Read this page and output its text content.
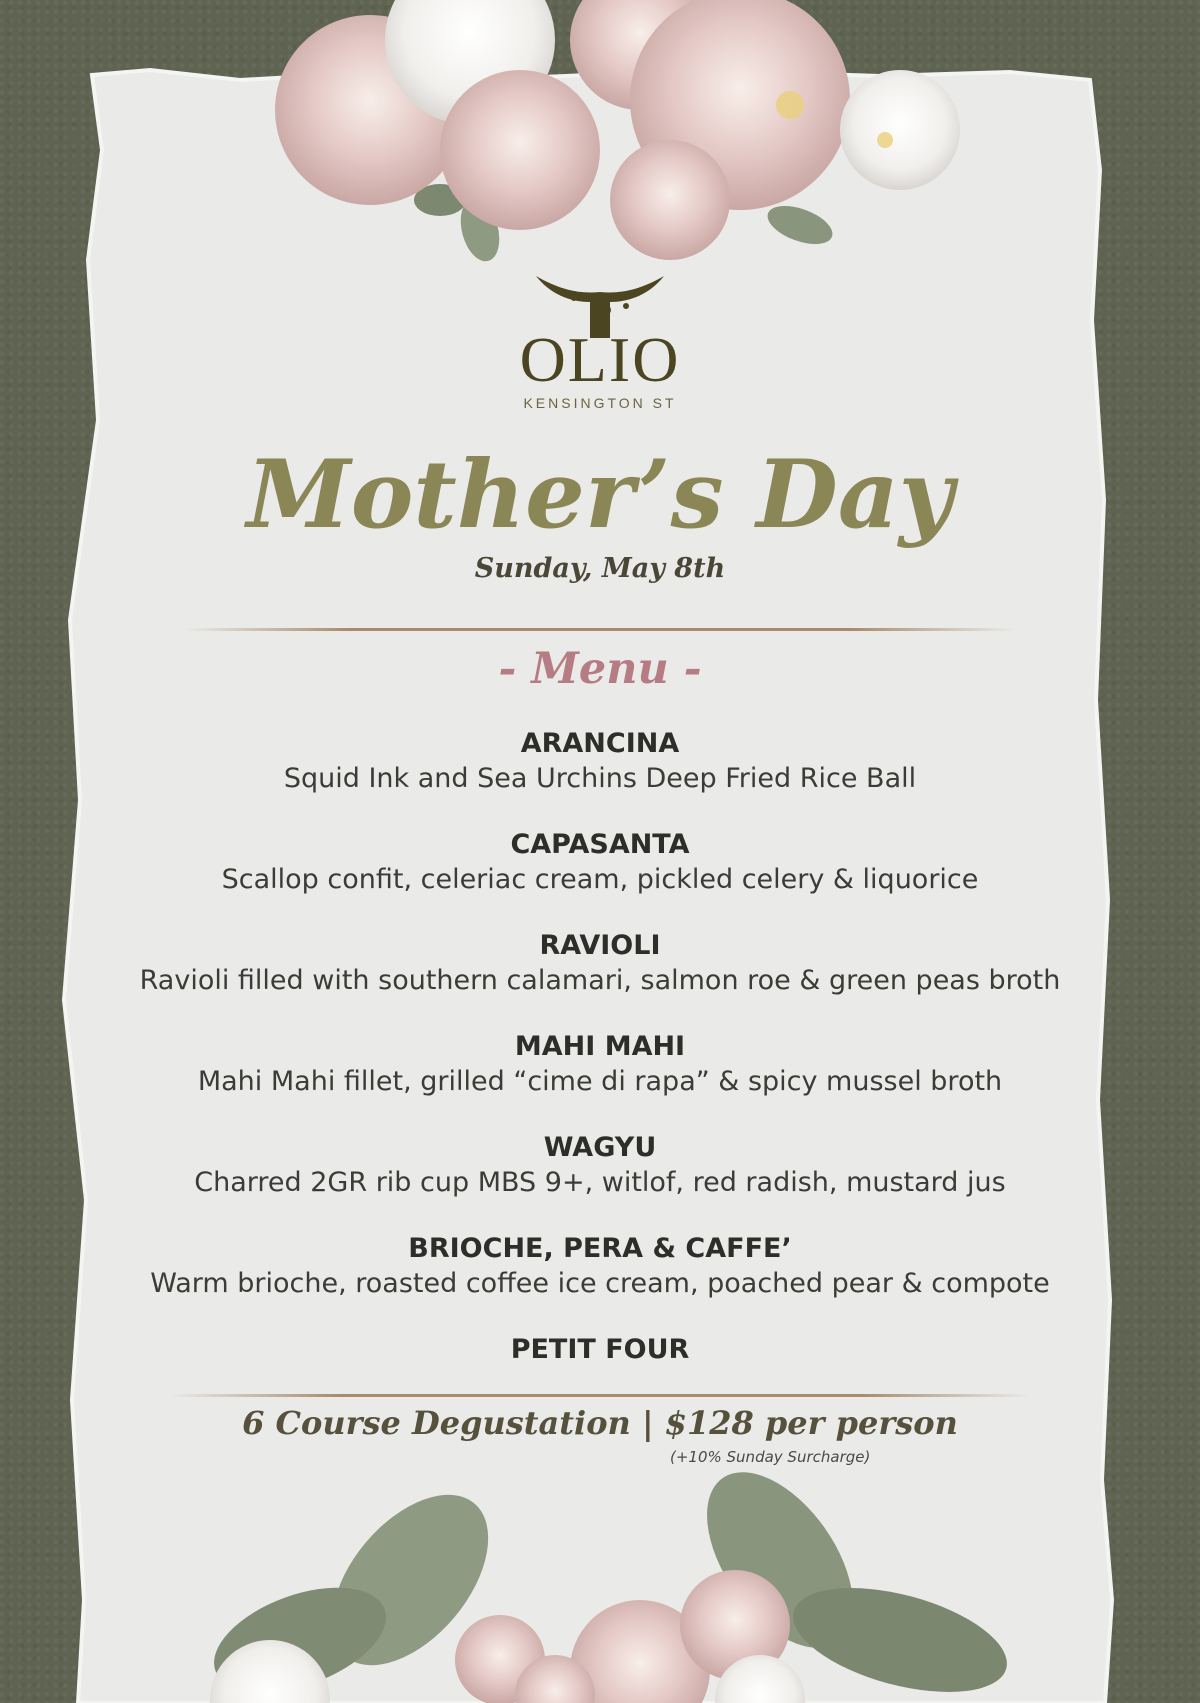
OLIO
KENSINGTON ST
Mother’s Day
Sunday, May 8th
- Menu -
ARANCINA
Squid Ink and Sea Urchins Deep Fried Rice Ball
CAPASANTA
Scallop confit, celeriac cream, pickled celery & liquorice
RAVIOLI
Ravioli filled with southern calamari, salmon roe & green peas broth
MAHI MAHI
Mahi Mahi fillet, grilled “cime di rapa” & spicy mussel broth
WAGYU
Charred 2GR rib cup MBS 9+, witlof, red radish, mustard jus
BRIOCHE, PERA & CAFFE’
Warm brioche, roasted coffee ice cream, poached pear & compote
PETIT FOUR
6 Course Degustation | $128 per person
(+10% Sunday Surcharge)
